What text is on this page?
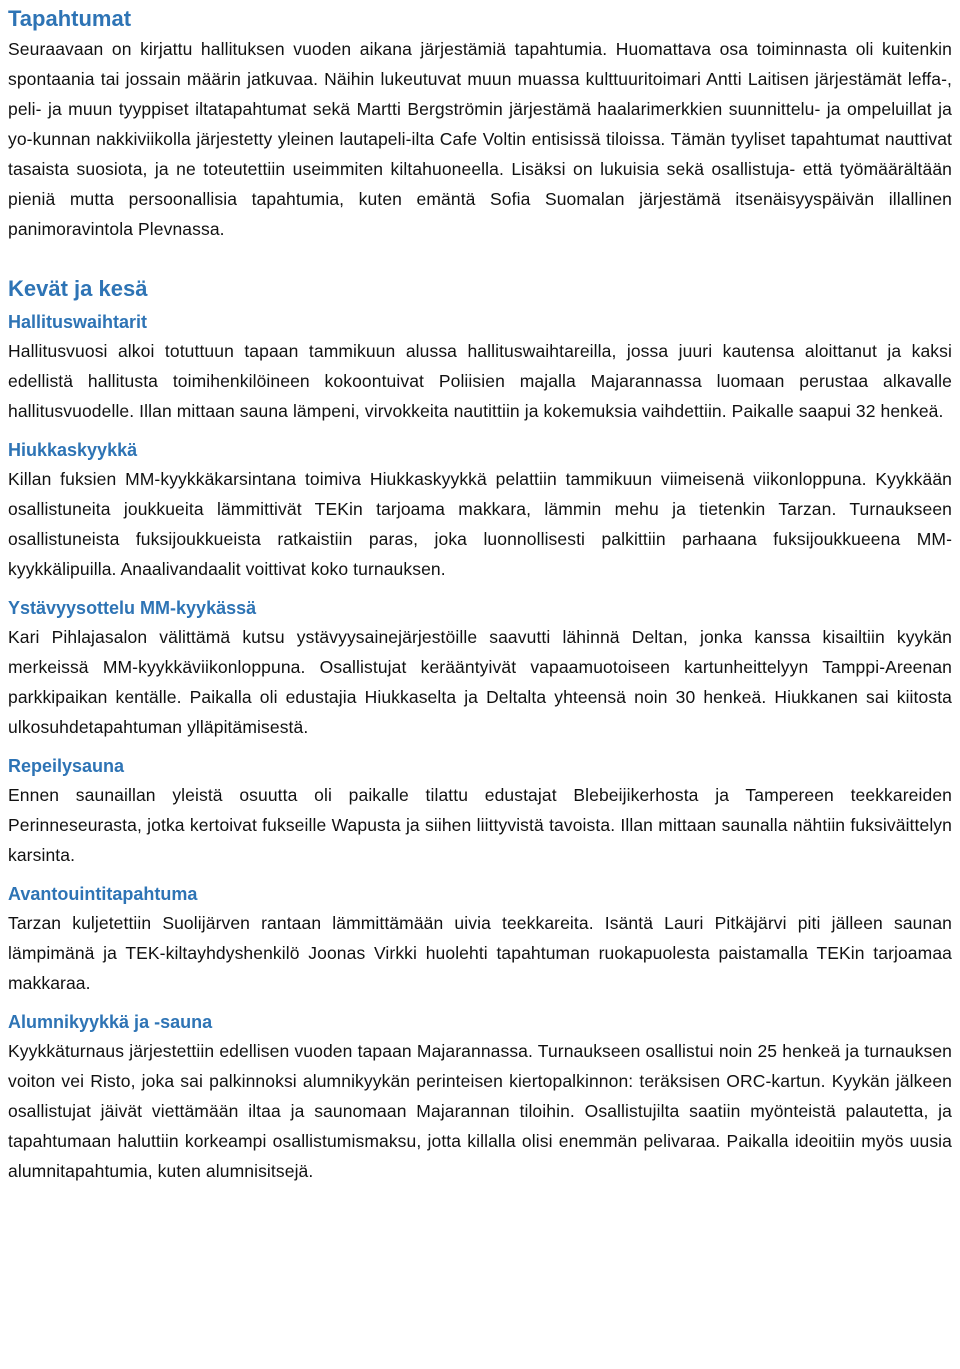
Tapahtumat

Seuraavaan on kirjattu hallituksen vuoden aikana järjestämiä tapahtumia. Huomattava osa toiminnasta oli kuitenkin spontaania tai jossain määrin jatkuvaa. Näihin lukeutuvat muun muassa kulttuuritoimari Antti Laitisen järjestämät leffa-, peli- ja muun tyyppiset iltatapahtumat sekä Martti Bergströmin järjestämä haalarimerkkien suunnittelu- ja ompeluillat ja yo-kunnan nakkiviikolla järjestetty yleinen lautapeli-ilta Cafe Voltin entisissä tiloissa. Tämän tyyliset tapahtumat nauttivat tasaista suosiota, ja ne toteutettiin useimmiten kiltahuoneella. Lisäksi on lukuisia sekä osallistuja- että työmäärältään pieniä mutta persoonallisia tapahtumia, kuten emäntä Sofia Suomalan järjestämä itsenäisyyspäivän illallinen panimoravintola Plevnassa.

Kevät ja kesä
Hallituswaihtarit

Hallitusvuosi alkoi totuttuun tapaan tammikuun alussa hallituswaihtareilla, jossa juuri kautensa aloittanut ja kaksi edellistä hallitusta toimihenkilöineen kokoontuivat Poliisien majalla Majarannassa luomaan perustaa alkavalle hallitusvuodelle. Illan mittaan sauna lämpeni, virvokkeita nautittiin ja kokemuksia vaihdettiin. Paikalle saapui 32 henkeä.

Hiukkaskyykkä

Killan fuksien MM-kyykkäkarsintana toimiva Hiukkaskyykkä pelattiin tammikuun viimeisenä viikonloppuna. Kyykkään osallistuneita joukkueita lämmittivät TEKin tarjoama makkara, lämmin mehu ja tietenkin Tarzan. Turnaukseen osallistuneista fuksijoukkueista ratkaistiin paras, joka luonnollisesti palkittiin parhaana fuksijoukkueena MM-kyykkälipuilla. Anaalivandaalit voittivat koko turnauksen.

Ystävyysottelu MM-kyykässä

Kari Pihlajasalon välittämä kutsu ystävyysainejärjestöille saavutti lähinnä Deltan, jonka kanssa kisailtiin kyykän merkeissä MM-kyykkäviikonloppuna. Osallistujat kerääntyivät vapaamuotoiseen kartunheittelyyn Tamppi-Areenan parkkipaikan kentälle. Paikalla oli edustajia Hiukkaselta ja Deltalta yhteensä noin 30 henkeä. Hiukkanen sai kiitosta ulkosuhdetapahtuman ylläpitämisestä.

Repeilysauna

Ennen saunaillan yleistä osuutta oli paikalle tilattu edustajat Blebeijikerhosta ja Tampereen teekkareiden Perinneseurasta, jotka kertoivat fukseille Wapusta ja siihen liittyvistä tavoista. Illan mittaan saunalla nähtiin fuksiväittelyn karsinta.

Avantouintitapahtuma

Tarzan kuljetettiin Suolijärven rantaan lämmittämään uivia teekkareita. Isäntä Lauri Pitkäjärvi piti jälleen saunan lämpimänä ja TEK-kiltayhdyshenkilö Joonas Virkki huolehti tapahtuman ruokapuolesta paistamalla TEKin tarjoamaa makkaraa.

Alumnikyykkä ja -sauna

Kyykkäturnaus järjestettiin edellisen vuoden tapaan Majarannassa. Turnaukseen osallistui noin 25 henkeä ja turnauksen voiton vei Risto, joka sai palkinnoksi alumnikyykän perinteisen kiertopalkinnon: teräksisen ORC-kartun. Kyykän jälkeen osallistujat jäivät viettämään iltaa ja saunomaan Majarannan tiloihin. Osallistujilta saatiin myönteistä palautetta, ja tapahtumaan haluttiin korkeampi osallistumismaksu, jotta killalla olisi enemmän pelivaraa. Paikalla ideoitiin myös uusia alumnitapahtumia, kuten alumnisitsejä.
